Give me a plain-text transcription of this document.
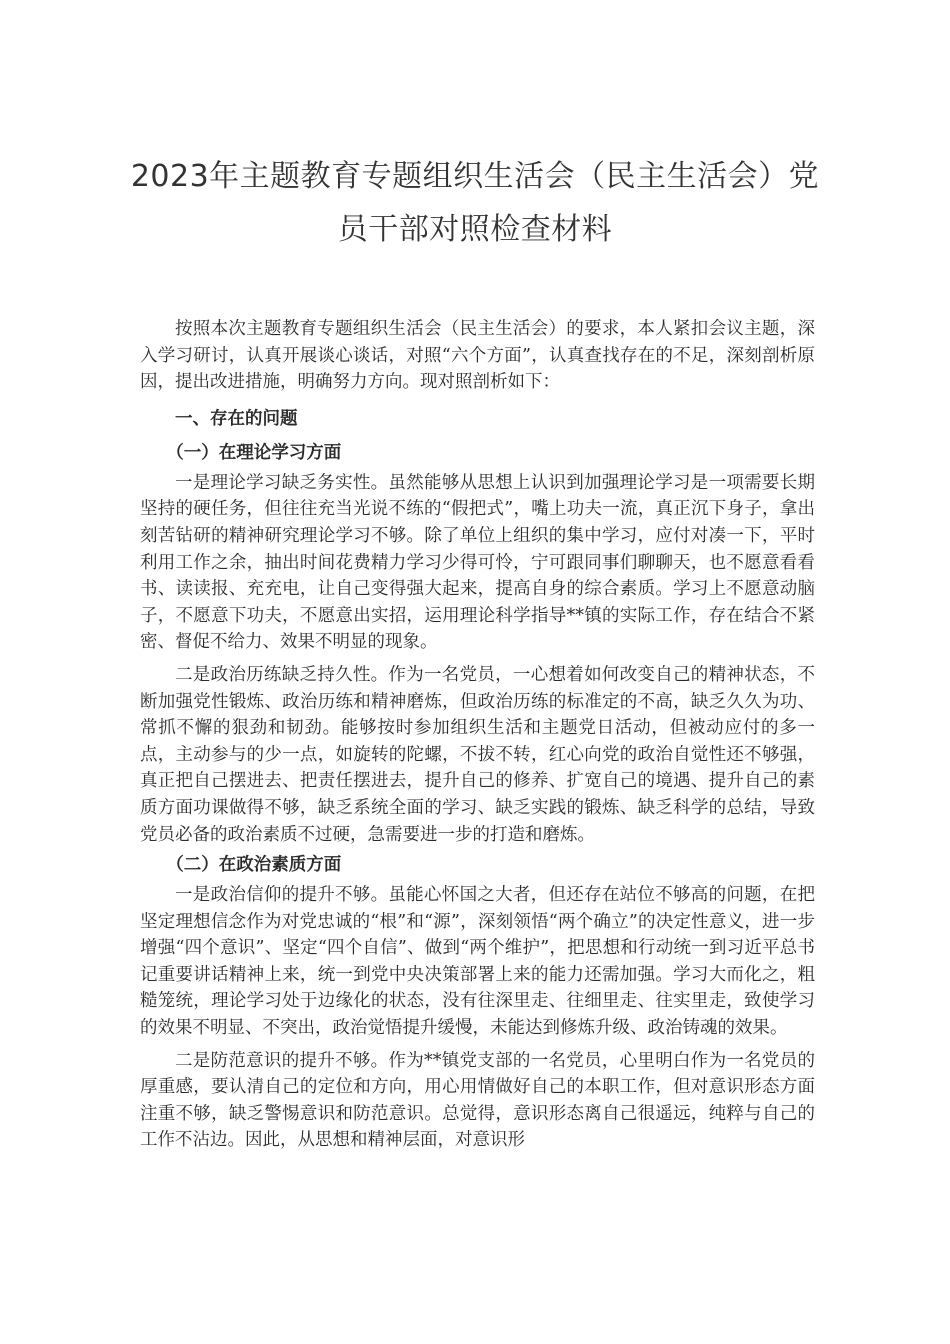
2023年主题教育专题组织生活会（民主生活会）党
员干部对照检查材料

按照本次主题教育专题组织生活会（民主生活会）的要求，本人紧扣会议主题，深入学习研讨，认真开展谈心谈话，对照“六个方面”，认真查找存在的不足，深刻剖析原因，提出改进措施，明确努力方向。现对照剖析如下：

一、存在的问题
（一）在理论学习方面

一是理论学习缺乏务实性。虽然能够从思想上认识到加强理论学习是一项需要长期坚持的硬任务，但往往充当光说不练的“假把式”，嘴上功夫一流，真正沉下身子，拿出刻苦钻研的精神研究理论学习不够。除了单位上组织的集中学习，应付对凑一下，平时利用工作之余，抽出时间花费精力学习少得可怜，宁可跟同事们聊聊天，也不愿意看看书、读读报、充充电，让自己变得强大起来，提高自身的综合素质。学习上不愿意动脑子，不愿意下功夫，不愿意出实招，运用理论科学指导**镇的实际工作，存在结合不紧密、督促不给力、效果不明显的现象。

二是政治历练缺乏持久性。作为一名党员，一心想着如何改变自己的精神状态，不断加强党性锻炼、政治历练和精神磨炼，但政治历练的标准定的不高，缺乏久久为功、常抓不懈的狠劲和韧劲。能够按时参加组织生活和主题党日活动，但被动应付的多一点，主动参与的少一点，如旋转的陀螺，不拔不转，红心向党的政治自觉性还不够强，真正把自己摆进去、把责任摆进去，提升自己的修养、扩宽自己的境遇、提升自己的素质方面功课做得不够，缺乏系统全面的学习、缺乏实践的锻炼、缺乏科学的总结，导致党员必备的政治素质不过硬，急需要进一步的打造和磨炼。

（二）在政治素质方面

一是政治信仰的提升不够。虽能心怀国之大者，但还存在站位不够高的问题，在把坚定理想信念作为对党忠诚的“根”和“源”，深刻领悟“两个确立”的决定性意义，进一步增强“四个意识”、坚定“四个自信”、做到“两个维护”，把思想和行动统一到习近平总书记重要讲话精神上来，统一到党中央决策部署上来的能力还需加强。学习大而化之，粗糙笼统，理论学习处于边缘化的状态，没有往深里走、往细里走、往实里走，致使学习的效果不明显、不突出，政治觉悟提升缓慢，未能达到修炼升级、政治铸魂的效果。

二是防范意识的提升不够。作为**镇党支部的一名党员，心里明白作为一名党员的厚重感，要认清自己的定位和方向，用心用情做好自己的本职工作，但对意识形态方面注重不够，缺乏警惕意识和防范意识。总觉得，意识形态离自己很遥远，纯粹与自己的工作不沾边。因此，从思想和精神层面，对意识形
